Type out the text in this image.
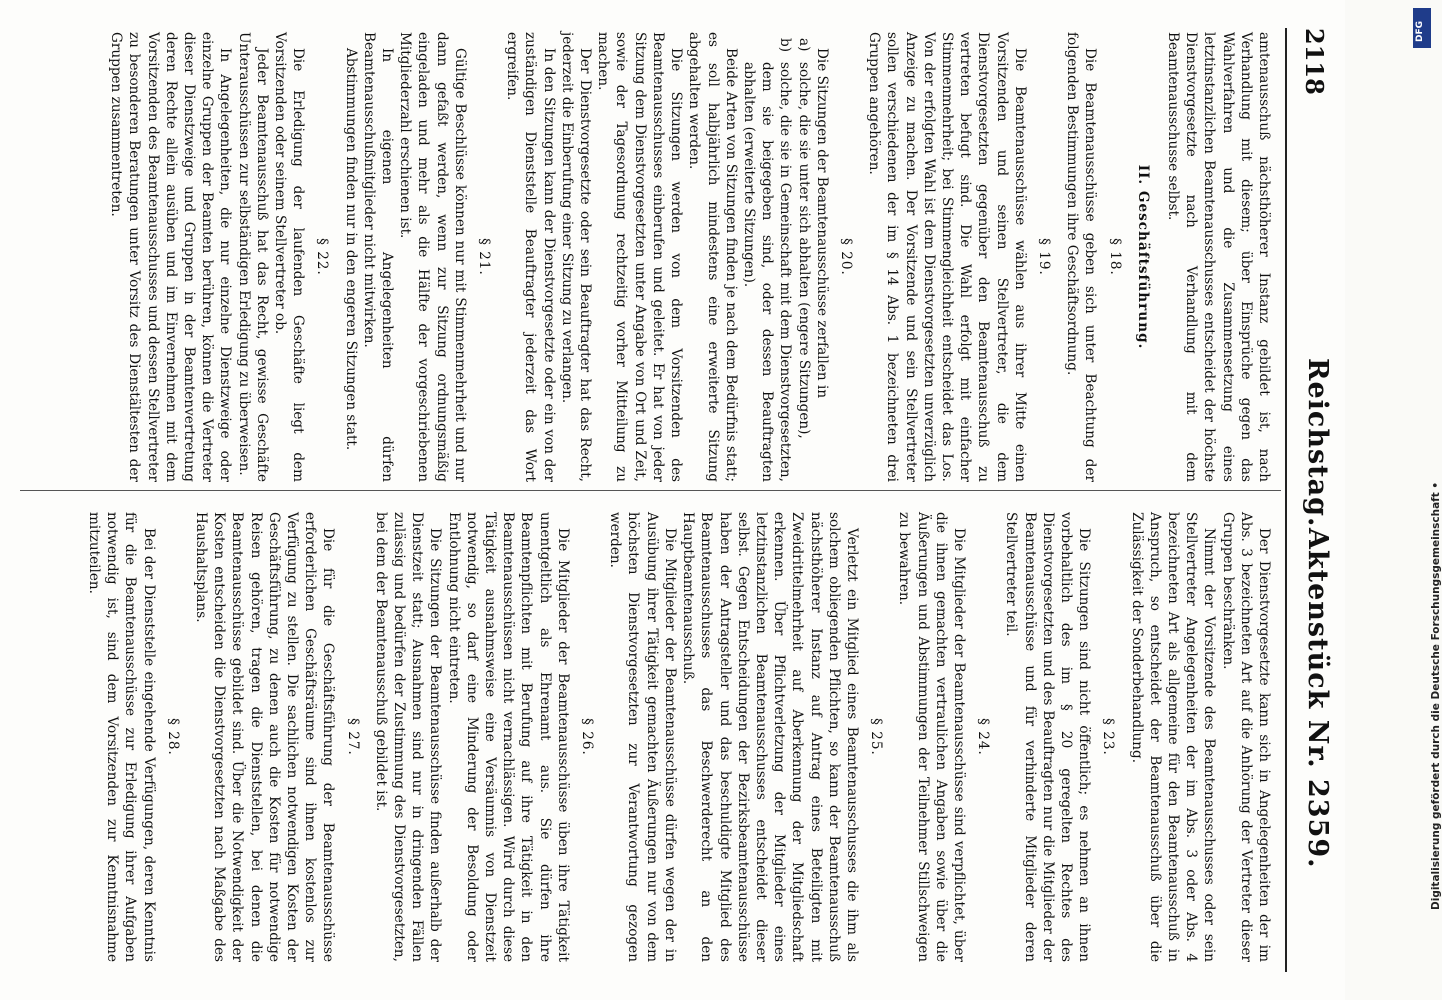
2118
Reichstag.
Aktenstück Nr. 2359.

amtenausschuß nächsthöherer Instanz gebildet ist, nach Verhandlung mit diesem; über Einsprüche gegen das Wahlverfahren und die Zusammensetzung eines letztinstanzlichen Beamtenausschusses entscheidet der höchste Dienstvorgesetzte nach Verhandlung mit dem Beamtenausschusse selbst.

II. Geschäftsführung.

§ 18.

Die Beamtenausschüsse geben sich unter Beachtung der folgenden Bestimmungen ihre Geschäftsordnung.

§ 19.

Die Beamtenausschüsse wählen aus ihrer Mitte einen Vorsitzenden und seinen Stellvertreter, die dem Dienstvorgesetzten gegenüber den Beamtenausschuß zu vertreten befugt sind. Die Wahl erfolgt mit einfacher Stimmenmehrheit; bei Stimmengleichheit entscheidet das Los. Von der erfolgten Wahl ist dem Dienstvorgesetzten unverzüglich Anzeige zu machen. Der Vorsitzende und sein Stellvertreter sollen verschiedenen der im § 14 Abs. 1 bezeichneten drei Gruppen angehören.

§ 20.

Die Sitzungen der Beamtenausschüsse zerfallen in

a)
solche, die sie unter sich abhalten (engere Sitzungen),

b)
solche, die sie in Gemeinschaft mit dem Dienstvorgesetzten, dem sie beigegeben sind, oder dessen Beauftragten abhalten (erweiterte Sitzungen).

Beide Arten von Sitzungen finden je nach dem Bedürfnis statt; es soll halbjährlich mindestens eine erweiterte Sitzung abgehalten werden.

Die Sitzungen werden von dem Vorsitzenden des Beamtenausschusses einberufen und geleitet. Er hat von jeder Sitzung dem Dienstvorgesetzten unter Angabe von Ort und Zeit, sowie der Tagesordnung rechtzeitig vorher Mitteilung zu machen.

Der Dienstvorgesetzte oder sein Beauftragter hat das Recht, jederzeit die Einberufung einer Sitzung zu verlangen.

In den Sitzungen kann der Dienstvorgesetzte oder ein von der zuständigen Dienststelle Beauftragter jederzeit das Wort ergreifen.

§ 21.

Gültige Beschlüsse können nur mit Stimmenmehrheit und nur dann gefaßt werden, wenn zur Sitzung ordnungsmäßig eingeladen und mehr als die Hälfte der vorgeschriebenen Mitgliederzahl erschienen ist.

In eigenen Angelegenheiten dürfen Beamtenausschußmitglieder nicht mitwirken.

Abstimmungen finden nur in den engeren Sitzungen statt.

§ 22.

Die Erledigung der laufenden Geschäfte liegt dem Vorsitzenden oder seinem Stellvertreter ob.

Jeder Beamtenausschuß hat das Recht, gewisse Geschäfte Unterausschüssen zur selbständigen Erledigung zu überweisen.

In Angelegenheiten, die nur einzelne Dienstzweige oder einzelne Gruppen der Beamten berühren, können die Vertreter dieser Dienstzweige und Gruppen in der Beamtenvertretung deren Rechte allein ausüben und im Einvernehmen mit dem Vorsitzenden des Beamtenausschusses und dessen Stellvertreter zu besonderen Beratungen unter Vorsitz des Dienstältesten der Gruppen zusammentreten.

Der Dienstvorgesetzte kann sich in Angelegenheiten der im Abs. 3 bezeichneten Art auf die Anhörung der Vertreter dieser Gruppen beschränken.

Nimmt der Vorsitzende des Beamtenausschusses oder sein Stellvertreter Angelegenheiten der im Abs. 3 oder Abs. 4 bezeichneten Art als allgemeine für den Beamtenausschuß in Anspruch, so entscheidet der Beamtenausschuß über die Zulässigkeit der Sonderbehandlung.

§ 23.

Die Sitzungen sind nicht öffentlich; es nehmen an ihnen vorbehaltlich des im § 20 geregelten Rechtes des Dienstvorgesetzten und des Beauftragten nur die Mitglieder der Beamtenausschüsse und für verhinderte Mitglieder deren Stellvertreter teil.

§ 24.

Die Mitglieder der Beamtenausschüsse sind verpflichtet, über die ihnen gemachten vertraulichen Angaben sowie über die Äußerungen und Abstimmungen der Teilnehmer Stillschweigen zu bewahren.

§ 25.

Verletzt ein Mitglied eines Beamtenausschusses die ihm als solchem obliegenden Pflichten, so kann der Beamtenausschuß nächsthöherer Instanz auf Antrag eines Beteiligten mit Zweidrittelmehrheit auf Aberkennung der Mitgliedschaft erkennen. Über Pflichtverletzung der Mitglieder eines letztinstanzlichen Beamtenausschusses entscheidet dieser selbst. Gegen Entscheidungen der Bezirksbeamtenausschüsse haben der Antragsteller und das beschuldigte Mitglied des Beamtenausschusses das Beschwerderecht an den Hauptbeamtenausschuß.

Die Mitglieder der Beamtenausschüsse dürfen wegen der in Ausübung ihrer Tätigkeit gemachten Äußerungen nur von dem höchsten Dienstvorgesetzten zur Verantwortung gezogen werden.

§ 26.

Die Mitglieder der Beamtenausschüsse üben ihre Tätigkeit unentgeltlich als Ehrenamt aus. Sie dürfen ihre Beamtenpflichten mit Berufung auf ihre Tätigkeit in den Beamtenausschüssen nicht vernachlässigen. Wird durch diese Tätigkeit ausnahmsweise eine Versäumnis von Dienstzeit notwendig, so darf eine Minderung der Besoldung oder Entlohnung nicht eintreten.

Die Sitzungen der Beamtenausschüsse finden außerhalb der Dienstzeit statt; Ausnahmen sind nur in dringenden Fällen zulässig und bedürfen der Zustimmung des Dienstvorgesetzten, bei dem der Beamtenausschuß gebildet ist.

§ 27.

Die für die Geschäftsführung der Beamtenausschüsse erforderlichen Geschäftsräume sind ihnen kostenlos zur Verfügung zu stellen. Die sachlichen notwendigen Kosten der Geschäftsführung, zu denen auch die Kosten für notwendige Reisen gehören, tragen die Dienststellen, bei denen die Beamtenausschüsse gebildet sind. Über die Notwendigkeit der Kosten entscheiden die Dienstvorgesetzten nach Maßgabe des Haushaltsplans.

§ 28.

Bei der Dienststelle eingehende Verfügungen, deren Kenntnis für die Beamtenausschüsse zur Erledigung ihrer Aufgaben notwendig ist, sind dem Vorsitzenden zur Kenntnisnahme mitzuteilen.

DFG
Digitalisierung gefördert durch die Deutsche Forschungsgemeinschaft •
